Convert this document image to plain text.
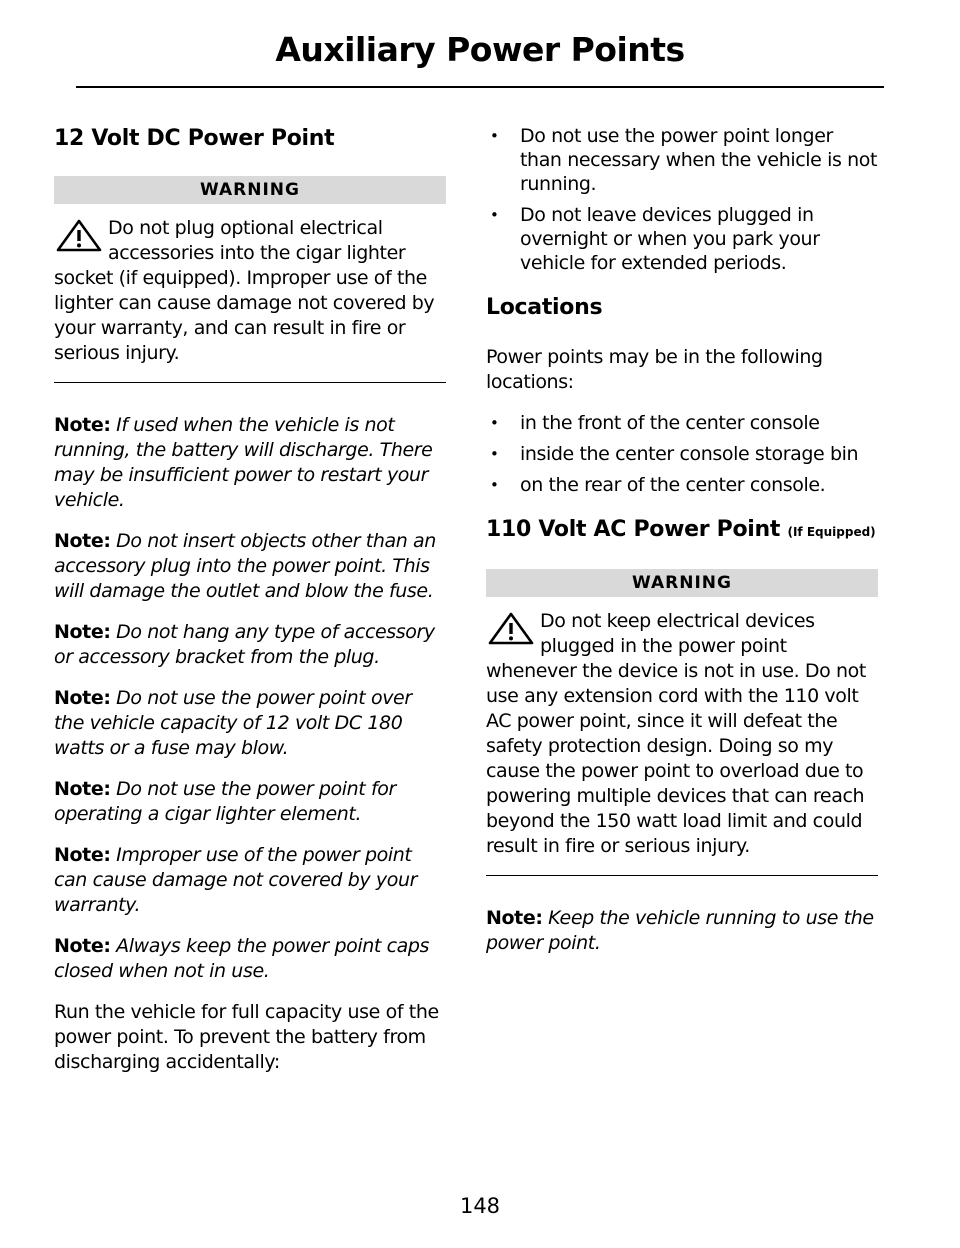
Auxiliary Power Points
12 Volt DC Power Point
WARNING

Do not plug optional electrical accessories into the cigar lighter socket (if equipped). Improper use of the lighter can cause damage not covered by your warranty, and can result in fire or serious injury.

Note: If used when the vehicle is not running, the battery will discharge. There may be insufficient power to restart your vehicle.

Note: Do not insert objects other than an accessory plug into the power point. This will damage the outlet and blow the fuse.

Note: Do not hang any type of accessory or accessory bracket from the plug.

Note: Do not use the power point over the vehicle capacity of 12 volt DC 180 watts or a fuse may blow.

Note: Do not use the power point for operating a cigar lighter element.

Note: Improper use of the power point can cause damage not covered by your warranty.

Note: Always keep the power point caps closed when not in use.

Run the vehicle for full capacity use of the power point. To prevent the battery from discharging accidentally:

• Do not use the power point longer than necessary when the vehicle is not running.
• Do not leave devices plugged in overnight or when you park your vehicle for extended periods.
Locations

Power points may be in the following locations:

• in the front of the center console
• inside the center console storage bin
• on the rear of the center console.
110 Volt AC Power Point (If Equipped)
WARNING

Do not keep electrical devices plugged in the power point whenever the device is not in use. Do not use any extension cord with the 110 volt AC power point, since it will defeat the safety protection design. Doing so my cause the power point to overload due to powering multiple devices that can reach beyond the 150 watt load limit and could result in fire or serious injury.

Note: Keep the vehicle running to use the power point.

148
